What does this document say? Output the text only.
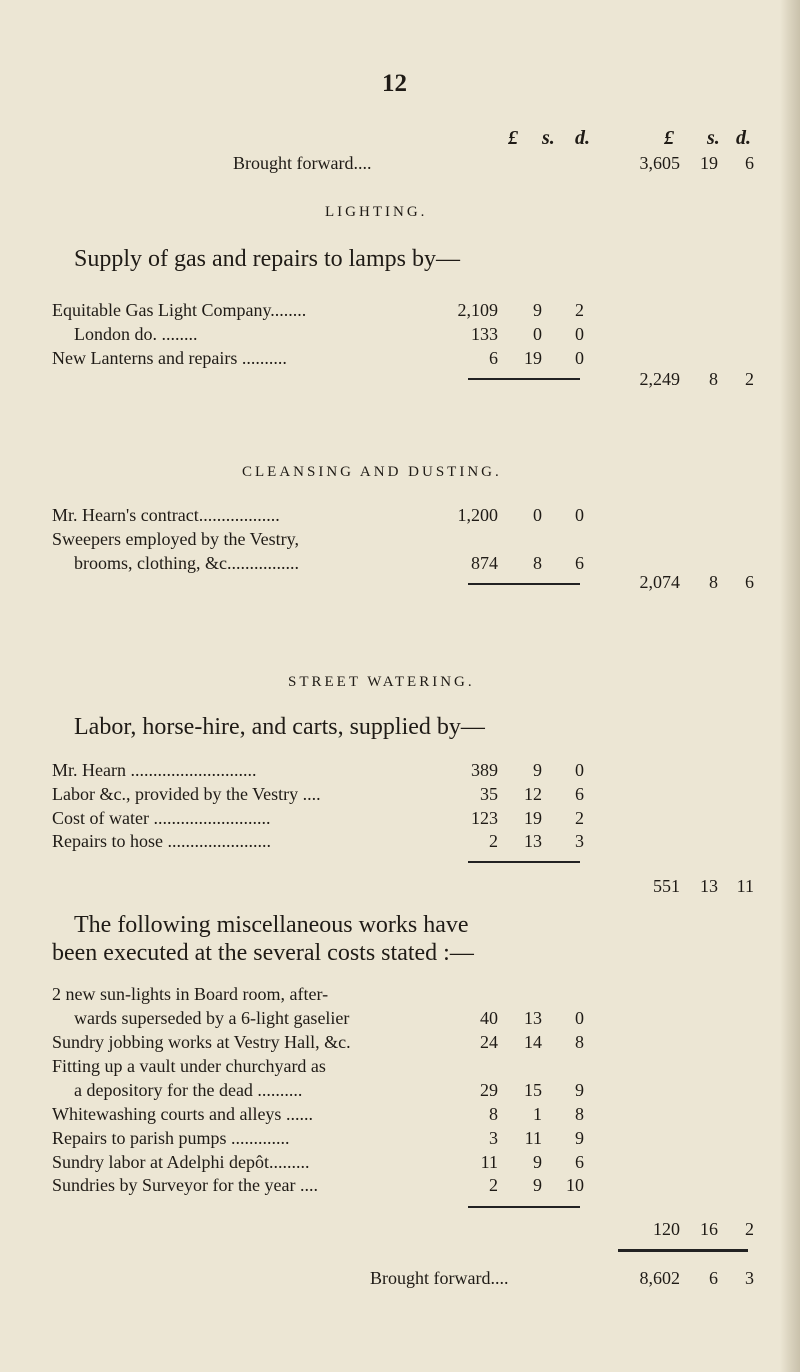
12
£ s. d.	£ s. d.
Brought forward....	3,605	19	6
LIGHTING.
Supply of gas and repairs to lamps by—
Equitable Gas Light Company........	2,109	9	2
London do. ........	133	0	0
New Lanterns and repairs ..........	6	19	0
2,249	8	2
CLEANSING AND DUSTING.
Mr. Hearn's contract..................	1,200	0	0
Sweepers employed by the Vestry,
brooms, clothing, &c................	874	8	6
2,074	8	6
STREET WATERING.
Labor, horse-hire, and carts, supplied by—
Mr. Hearn ............................	389	9	0
Labor &c., provided by the Vestry ....	35	12	6
Cost of water ..........................	123	19	2
Repairs to hose .......................	2	13	3
551	13	11
The following miscellaneous works have
been executed at the several costs stated :—
2 new sun-lights in Board room, after-
wards superseded by a 6-light gaselier	40	13	0
Sundry jobbing works at Vestry Hall, &c.	24	14	8
Fitting up a vault under churchyard as
a depository for the dead ..........	29	15	9
Whitewashing courts and alleys ......	8	1	8
Repairs to parish pumps .............	3	11	9
Sundry labor at Adelphi depôt.........	11	9	6
Sundries by Surveyor for the year ....	2	9	10
120	16	2
Brought forward....	8,602	6	3
